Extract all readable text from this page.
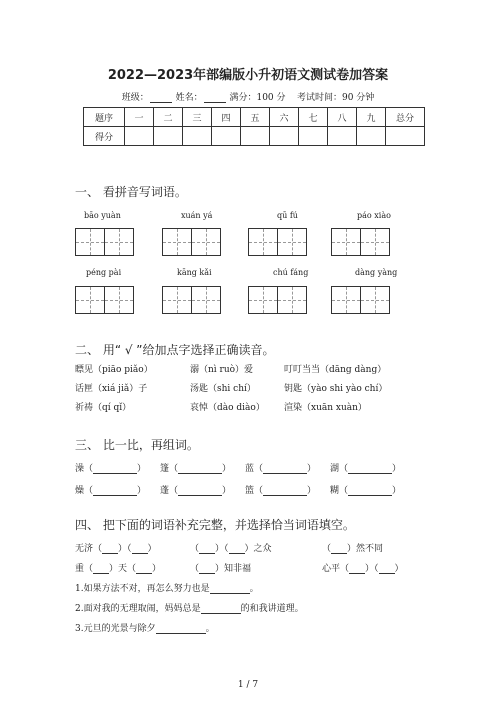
2022—2023年部编版小升初语文测试卷加答案
班级：	姓名：	满分：100 分 考试时间：90 分钟
题序	一	二	三	四	五	六	七	八	九	总分
得分										
一、 看拼音写词语。
bāo yuàn	xuán yá	qū fú	páo xiào
péng pài	kāng kǎi	chú fáng	dàng yàng
二、 用“ √ ”给加点字选择正确读音。
瞟见（piāo piǎo）	溺（nì ruò）爱	叮叮当当（dāng dàng）
话匣（xiá jiǎ）子	汤匙（shi chí）	钥匙（yào shi yào chí）
祈祷（qí qǐ）	哀悼（dào diào） 渲染（xuān xuàn）
三、 比一比，再组词。
澡（	） 篷（	） 蓝（	） 湖（	）
燥（	） 蓬（	） 篮（	） 糊（	）
四、 把下面的词语补充完整，并选择恰当词语填空。
无济（ ）（ ）	（ ）（ ）之众	（ ）然不同
重（ ）天（ ）	（ ）知非福	心平（ ）（ ）
1.如果方法不对，再怎么努力也是	。
2.面对我的无理取闹，妈妈总是	的和我讲道理。
3.元旦的光景与除夕	。
1 / 7
